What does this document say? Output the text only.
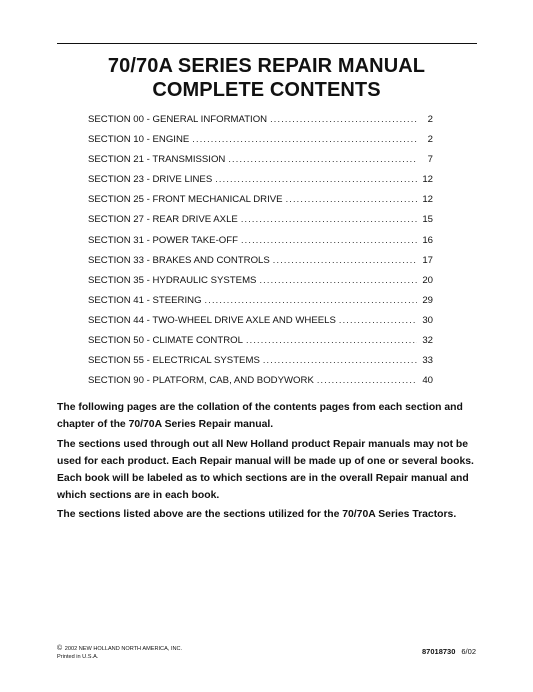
70/70A SERIES REPAIR MANUAL
COMPLETE CONTENTS
SECTION 00 - GENERAL INFORMATION .....	2
SECTION 10 - ENGINE .....	2
SECTION 21 - TRANSMISSION .....	7
SECTION 23 - DRIVE LINES .....	12
SECTION 25 - FRONT MECHANICAL DRIVE .....	12
SECTION 27 - REAR DRIVE AXLE .....	15
SECTION 31 - POWER TAKE-OFF .....	16
SECTION 33 - BRAKES AND CONTROLS .....	17
SECTION 35 - HYDRAULIC SYSTEMS .....	20
SECTION 41 - STEERING .....	29
SECTION 44 - TWO-WHEEL DRIVE AXLE AND WHEELS .....	30
SECTION 50 - CLIMATE CONTROL .....	32
SECTION 55 - ELECTRICAL SYSTEMS .....	33
SECTION 90 - PLATFORM, CAB, AND BODYWORK .....	40

The following pages are the collation of the contents pages from each section and chapter of the 70/70A Series Repair manual.

The sections used through out all New Holland product Repair manuals may not be used for each product. Each Repair manual will be made up of one or several books. Each book will be labeled as to which sections are in the overall Repair manual and which sections are in each book.

The sections listed above are the sections utilized for the 70/70A Series Tractors.

© 2002 NEW HOLLAND NORTH AMERICA, INC.
Printed in U.S.A.
87018730 6/02
